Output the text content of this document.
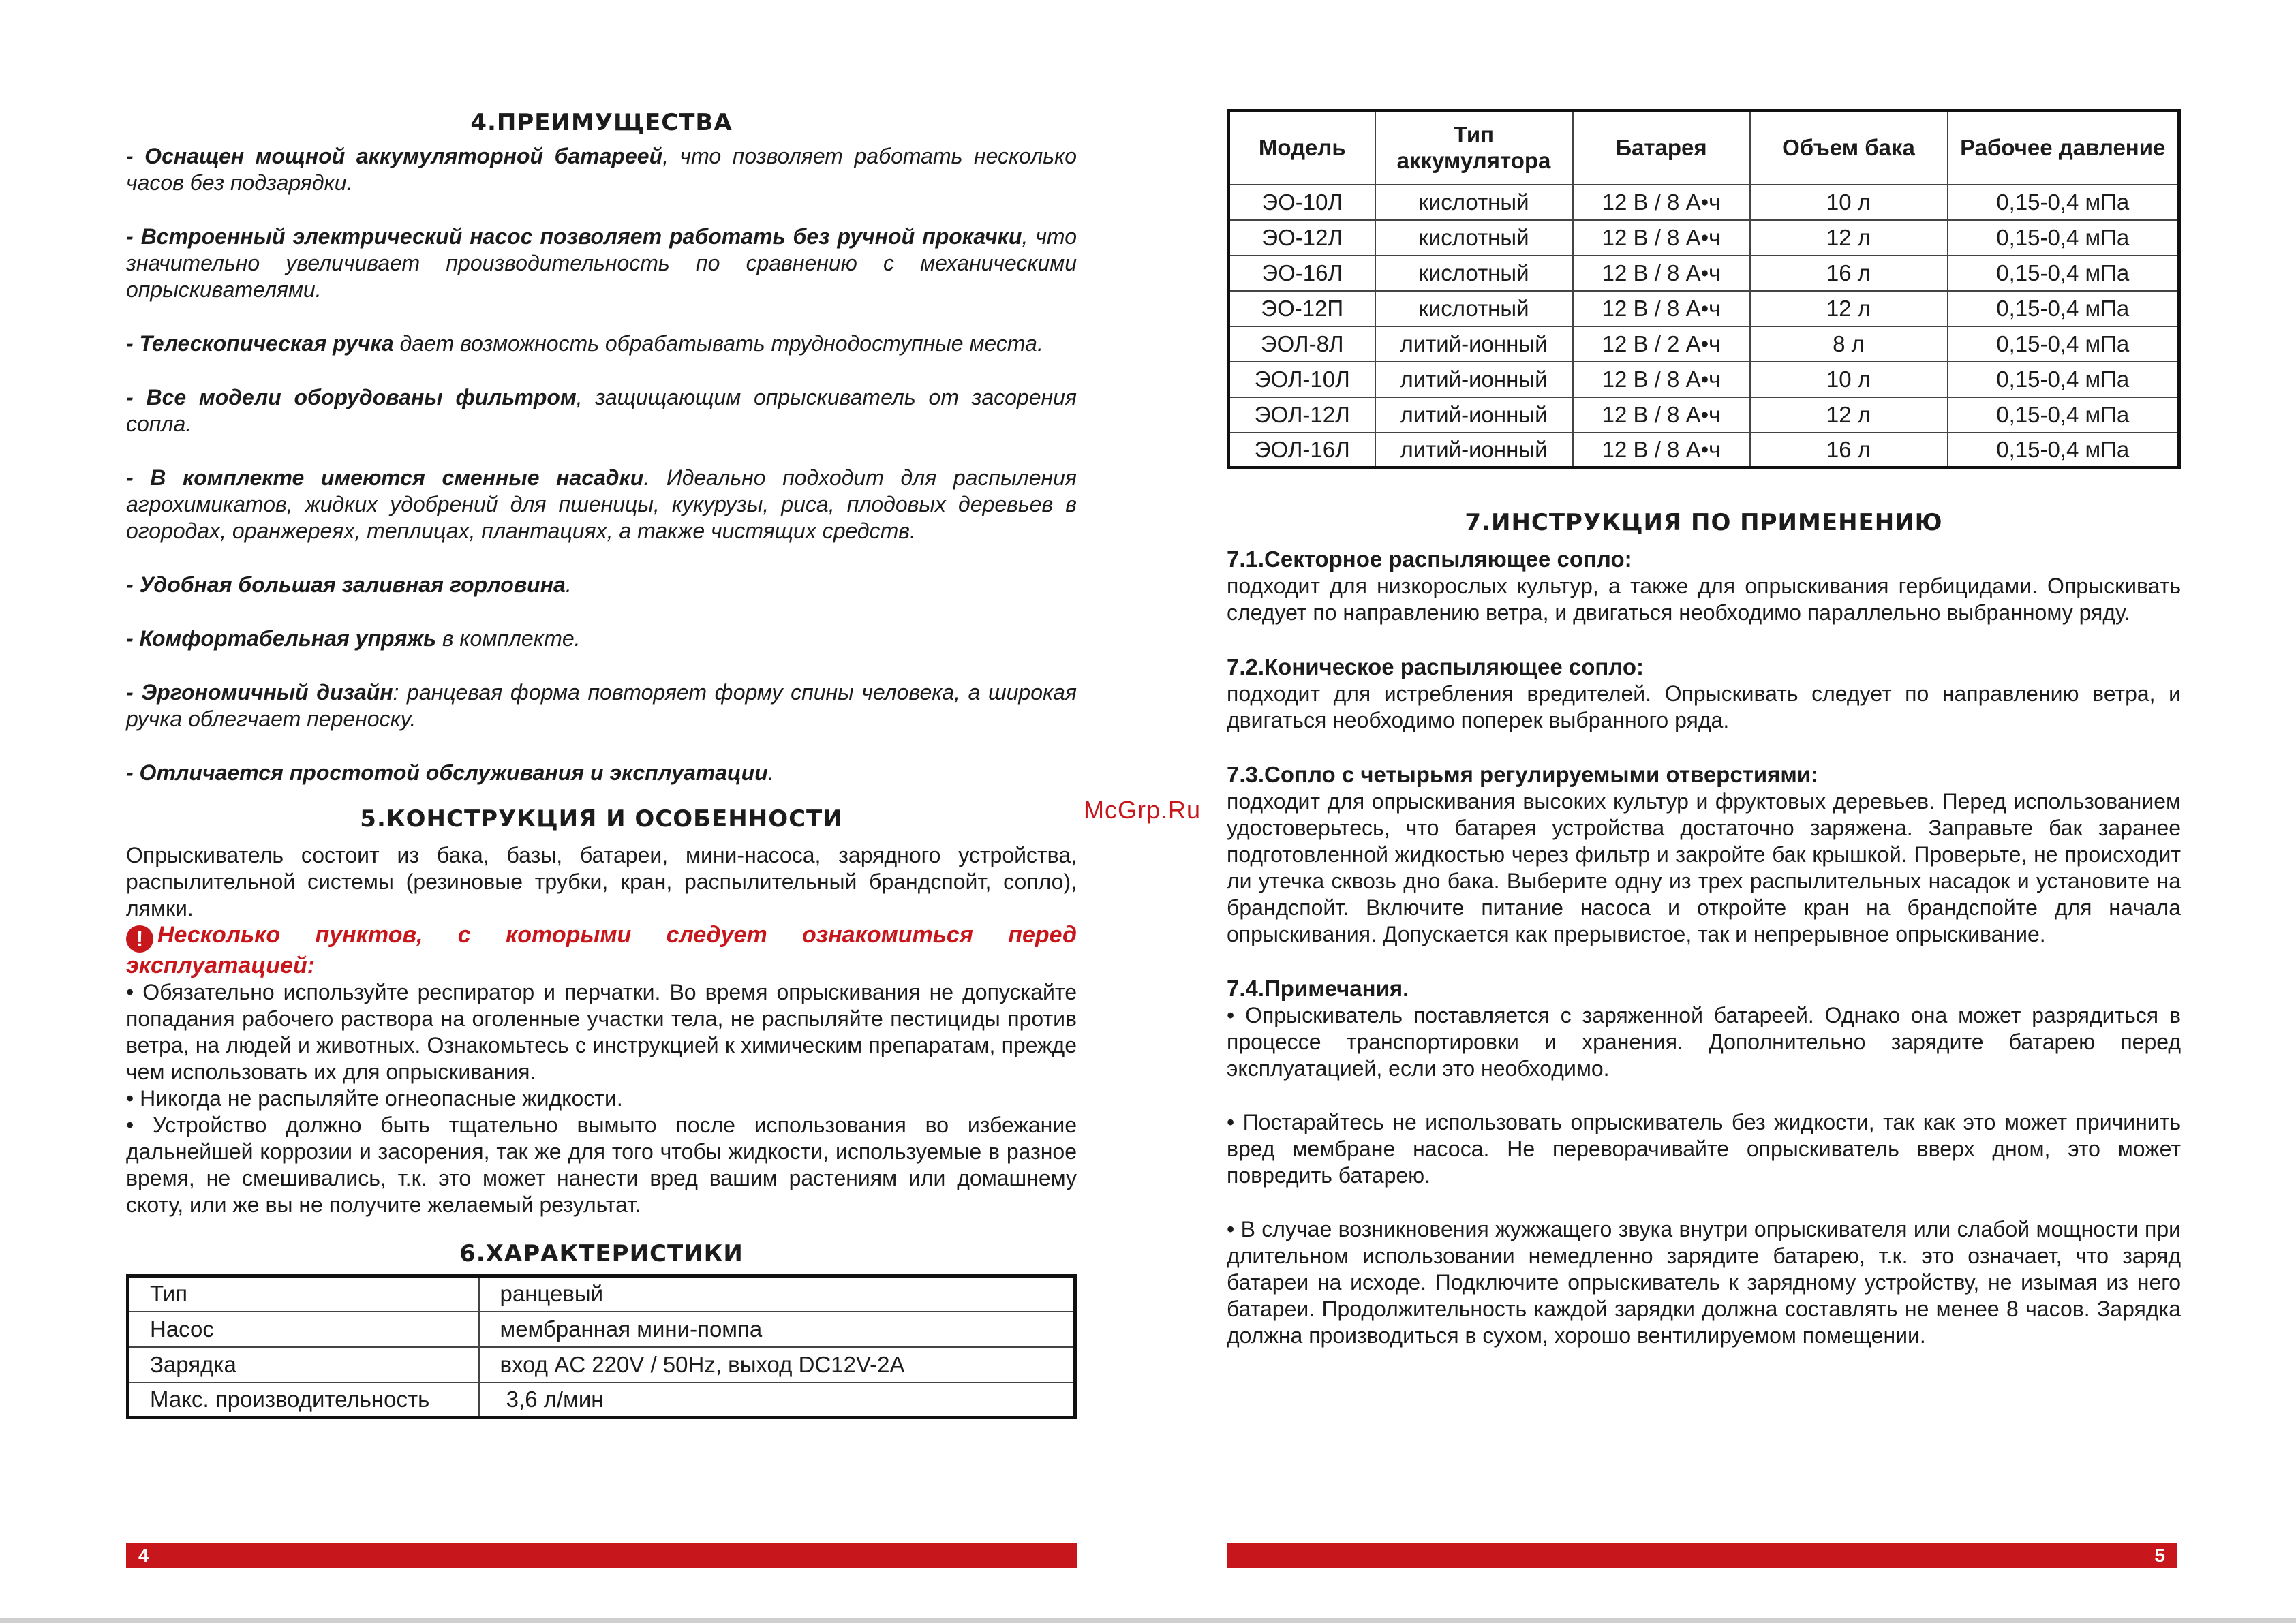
4.ПРЕИМУЩЕСТВА

- Оснащен мощной аккумуляторной батареей, что позволяет работать несколько часов без подзарядки.

- Встроенный электрический насос позволяет работать без ручной прокачки, что значительно увеличивает производительность по сравнению с механическими опрыскивателями.

- Телескопическая ручка дает возможность обрабатывать труднодоступные места.

- Все модели оборудованы фильтром, защищающим опрыскиватель от засорения сопла.

- В комплекте имеются сменные насадки. Идеально подходит для распыления агрохимикатов, жидких удобрений для пшеницы, кукурузы, риса, плодовых деревьев в огородах, оранжереях, теплицах, плантациях, а также чистящих средств.

- Удобная большая заливная горловина.

- Комфортабельная упряжь в комплекте.

- Эргономичный дизайн: ранцевая форма повторяет форму спины человека, а широкая ручка облегчает переноску.

- Отличается простотой обслуживания и эксплуатации.

5.КОНСТРУКЦИЯ И ОСОБЕННОСТИ

Опрыскиватель состоит из бака, базы, батареи, мини-насоса, зарядного устройства, распылительной системы (резиновые трубки, кран, распылительный брандспойт, сопло), лямки.

! Несколько пунктов, с которыми следует ознакомиться перед эксплуатацией:

• Обязательно используйте респиратор и перчатки. Во время опрыскивания не допускайте попадания рабочего раствора на оголенные участки тела, не распыляйте пестициды против ветра, на людей и животных. Ознакомьтесь с инструкцией к химическим препаратам, прежде чем использовать их для опрыскивания.

• Никогда не распыляйте огнеопасные жидкости.

• Устройство должно быть тщательно вымыто после использования во избежание дальнейшей коррозии и засорения, так же для того чтобы жидкости, используемые в разное время, не смешивались, т.к. это может нанести вред вашим растениям или домашнему скоту, или же вы не получите желаемый результат.

6.ХАРАКТЕРИСТИКИ
Тип	ранцевый
Насос	мембранная мини-помпа
Зарядка	вход AC 220V / 50Hz, выход DC12V-2A
Макс. производительность	3,6 л/мин
Модель	Тип аккумулятора	Батарея	Объем бака	Рабочее давление
ЭО-10Л	кислотный	12 В / 8 А•ч	10 л	0,15-0,4 мПа
ЭО-12Л	кислотный	12 В / 8 А•ч	12 л	0,15-0,4 мПа
ЭО-16Л	кислотный	12 В / 8 А•ч	16 л	0,15-0,4 мПа
ЭО-12П	кислотный	12 В / 8 А•ч	12 л	0,15-0,4 мПа
ЭОЛ-8Л	литий-ионный	12 В / 2 А•ч	8 л	0,15-0,4 мПа
ЭОЛ-10Л	литий-ионный	12 В / 8 А•ч	10 л	0,15-0,4 мПа
ЭОЛ-12Л	литий-ионный	12 В / 8 А•ч	12 л	0,15-0,4 мПа
ЭОЛ-16Л	литий-ионный	12 В / 8 А•ч	16 л	0,15-0,4 мПа
7.ИНСТРУКЦИЯ ПО ПРИМЕНЕНИЮ
7.1.Секторное распыляющее сопло:

подходит для низкорослых культур, а также для опрыскивания гербицидами. Опрыскивать следует по направлению ветра, и двигаться необходимо параллельно выбранному ряду.

7.2.Коническое распыляющее сопло:

подходит для истребления вредителей. Опрыскивать следует по направлению ветра, и двигаться необходимо поперек выбранного ряда.

7.3.Сопло с четырьмя регулируемыми отверстиями:

подходит для опрыскивания высоких культур и фруктовых деревьев. Перед использованием удостоверьтесь, что батарея устройства достаточно заряжена. Заправьте бак заранее подготовленной жидкостью через фильтр и закройте бак крышкой. Проверьте, не происходит ли утечка сквозь дно бака. Выберите одну из трех распылительных насадок и установите на брандспойт. Включите питание насоса и откройте кран на брандспойте для начала опрыскивания. Допускается как прерывистое, так и непрерывное опрыскивание.

7.4.Примечания.

• Опрыскиватель поставляется с заряженной батареей. Однако она может разрядиться в процессе транспортировки и хранения. Дополнительно зарядите батарею перед эксплуатацией, если это необходимо.

• Постарайтесь не использовать опрыскиватель без жидкости, так как это может причинить вред мембране насоса. Не переворачивайте опрыскиватель вверх дном, это может повредить батарею.

• В случае возникновения жужжащего звука внутри опрыскивателя или слабой мощности при длительном использовании немедленно зарядите батарею, т.к. это означает, что заряд батареи на исходе. Подключите опрыскиватель к зарядному устройству, не изымая из него батареи. Продолжительность каждой зарядки должна составлять не менее 8 часов. Зарядка должна производиться в сухом, хорошо вентилируемом помещении.

McGrp.Ru
4	5
